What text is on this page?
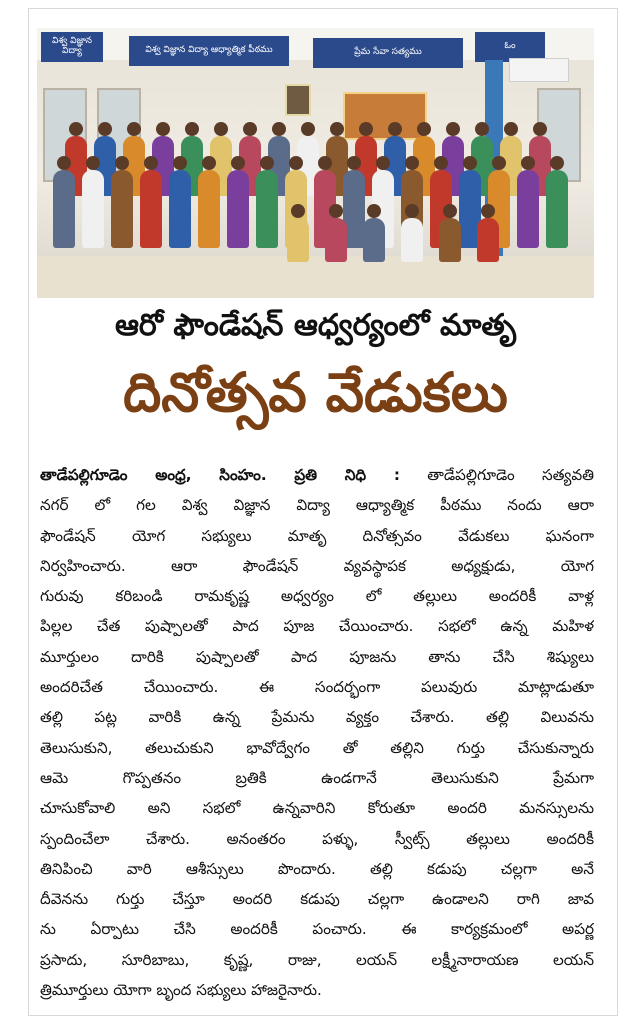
విశ్వ విజ్ఞాన విద్యా	విశ్వ విజ్ఞాన విద్యా ఆధ్యాత్మిక పీఠము	ప్రేమ సేవా సత్యము
ఓం
ఆరో ఫౌండేషన్ ఆధ్వర్యంలో మాతృ
దినోత్సవ వేడుకలు
తాడేపల్లిగూడెం అంధ్ర, సింహం. ప్రతి నిధి : తాడేపల్లిగూడెం సత్యవతి
నగర్ లో గల విశ్వ విజ్ఞాన విద్యా ఆధ్యాత్మిక పీఠము నందు ఆరా
ఫౌండేషన్ యోగ సభ్యులు మాతృ దినోత్సవం వేడుకలు ఘనంగా
నిర్వహించారు. ఆరా ఫౌండేషన్ వ్యవస్థాపక అధ్యక్షుడు, యోగ
గురువు కరిబండి రామకృష్ణ అధ్వర్యం లో తల్లులు అందరికీ వాళ్ల
పిల్లల చేత పుష్పాలతో పాద పూజ చేయించారు. సభలో ఉన్న మహిళ
మూర్తులం దారికి పుష్పాలతో పాద పూజను తాను చేసి శిష్యులు
అందరిచేత చేయించారు. ఈ సందర్భంగా పలువురు మాట్లాడుతూ
తల్లి పట్ల వారికి ఉన్న ప్రేమను వ్యక్తం చేశారు. తల్లి విలువను
తెలుసుకుని, తలుచుకుని భావోద్వేగం తో తల్లిని గుర్తు చేసుకున్నారు
ఆమె గొప్పతనం బ్రతికి ఉండగానే తెలుసుకుని ప్రేమగా
చూసుకోవాలి అని సభలో ఉన్నవారిని కోరుతూ అందరి మనస్సులను
స్పందించేలా చేశారు. అనంతరం పళ్ళు, స్వీట్స్ తల్లులు అందరికీ
తినిపించి వారి ఆశీస్సులు పొందారు. తల్లి కడుపు చల్లగా అనే
దీవెనను గుర్తు చేస్తూ అందరి కడుపు చల్లగా ఉండాలని రాగి జావ
ను ఏర్పాటు చేసి అందరికీ పంచారు. ఈ కార్యక్రమంలో అపర్ణ
ప్రసాదు, సూరిబాబు, కృష్ణ, రాజు, లయన్ లక్ష్మీనారాయణ లయన్
త్రిమూర్తులు యోగా బృంద సభ్యులు హాజరైనారు.
